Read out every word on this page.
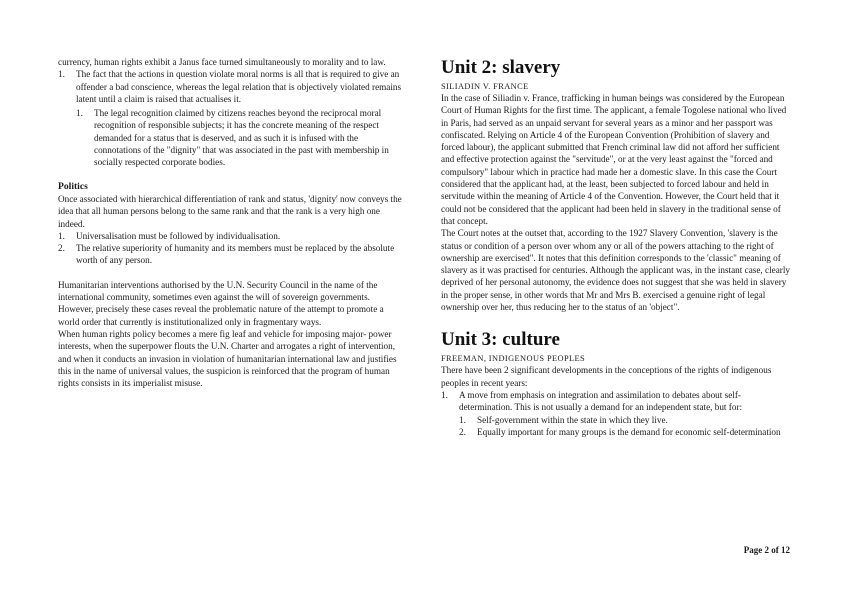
currency, human rights exhibit a Janus face turned simultaneously to morality and to law.

1. The fact that the actions in question violate moral norms is all that is required to give an offender a bad conscience, whereas the legal relation that is objectively violated remains latent until a claim is raised that actualises it.
1. The legal recognition claimed by citizens reaches beyond the reciprocal moral recognition of responsible subjects; it has the concrete meaning of the respect demanded for a status that is deserved, and as such it is infused with the connotations of the "dignity" that was associated in the past with membership in socially respected corporate bodies.

Politics

Once associated with hierarchical differentiation of rank and status, 'dignity' now conveys the idea that all human persons belong to the same rank and that the rank is a very high one indeed.

1. Universalisation must be followed by individualisation.
2. The relative superiority of humanity and its members must be replaced by the absolute worth of any person.

Humanitarian interventions authorised by the U.N. Security Council in the name of the international community, sometimes even against the will of sovereign governments. However, precisely these cases reveal the problematic nature of the attempt to promote a world order that currently is institutionalized only in fragmentary ways.

When human rights policy becomes a mere fig leaf and vehicle for imposing major- power interests, when the superpower flouts the U.N. Charter and arrogates a right of intervention, and when it conducts an invasion in violation of humanitarian international law and justifies this in the name of universal values, the suspicion is reinforced that the program of human rights consists in its imperialist misuse.

Unit 2: slavery
SILIADIN V. FRANCE

In the case of Siliadin v. France, trafficking in human beings was considered by the European Court of Human Rights for the first time. The applicant, a female Togolese national who lived in Paris, had served as an unpaid servant for several years as a minor and her passport was confiscated. Relying on Article 4 of the European Convention (Prohibition of slavery and forced labour), the applicant submitted that French criminal law did not afford her sufficient and effective protection against the "servitude", or at the very least against the "forced and compulsory" labour which in practice had made her a domestic slave. In this case the Court considered that the applicant had, at the least, been subjected to forced labour and held in servitude within the meaning of Article 4 of the Convention. However, the Court held that it could not be considered that the applicant had been held in slavery in the traditional sense of that concept.

The Court notes at the outset that, according to the 1927 Slavery Convention, 'slavery is the status or condition of a person over whom any or all of the powers attaching to the right of ownership are exercised". It notes that this definition corresponds to the 'classic" meaning of slavery as it was practised for centuries. Although the applicant was, in the instant case, clearly deprived of her personal autonomy, the evidence does not suggest that she was held in slavery in the proper sense, in other words that Mr and Mrs B. exercised a genuine right of legal ownership over her, thus reducing her to the status of an 'object".

Unit 3: culture
FREEMAN, INDIGENOUS PEOPLES

There have been 2 significant developments in the conceptions of the rights of indigenous peoples in recent years:

1. A move from emphasis on integration and assimilation to debates about self-determination. This is not usually a demand for an independent state, but for:
1. Self-government within the state in which they live.
2. Equally important for many groups is the demand for economic self-determination
Page 2 of 12
